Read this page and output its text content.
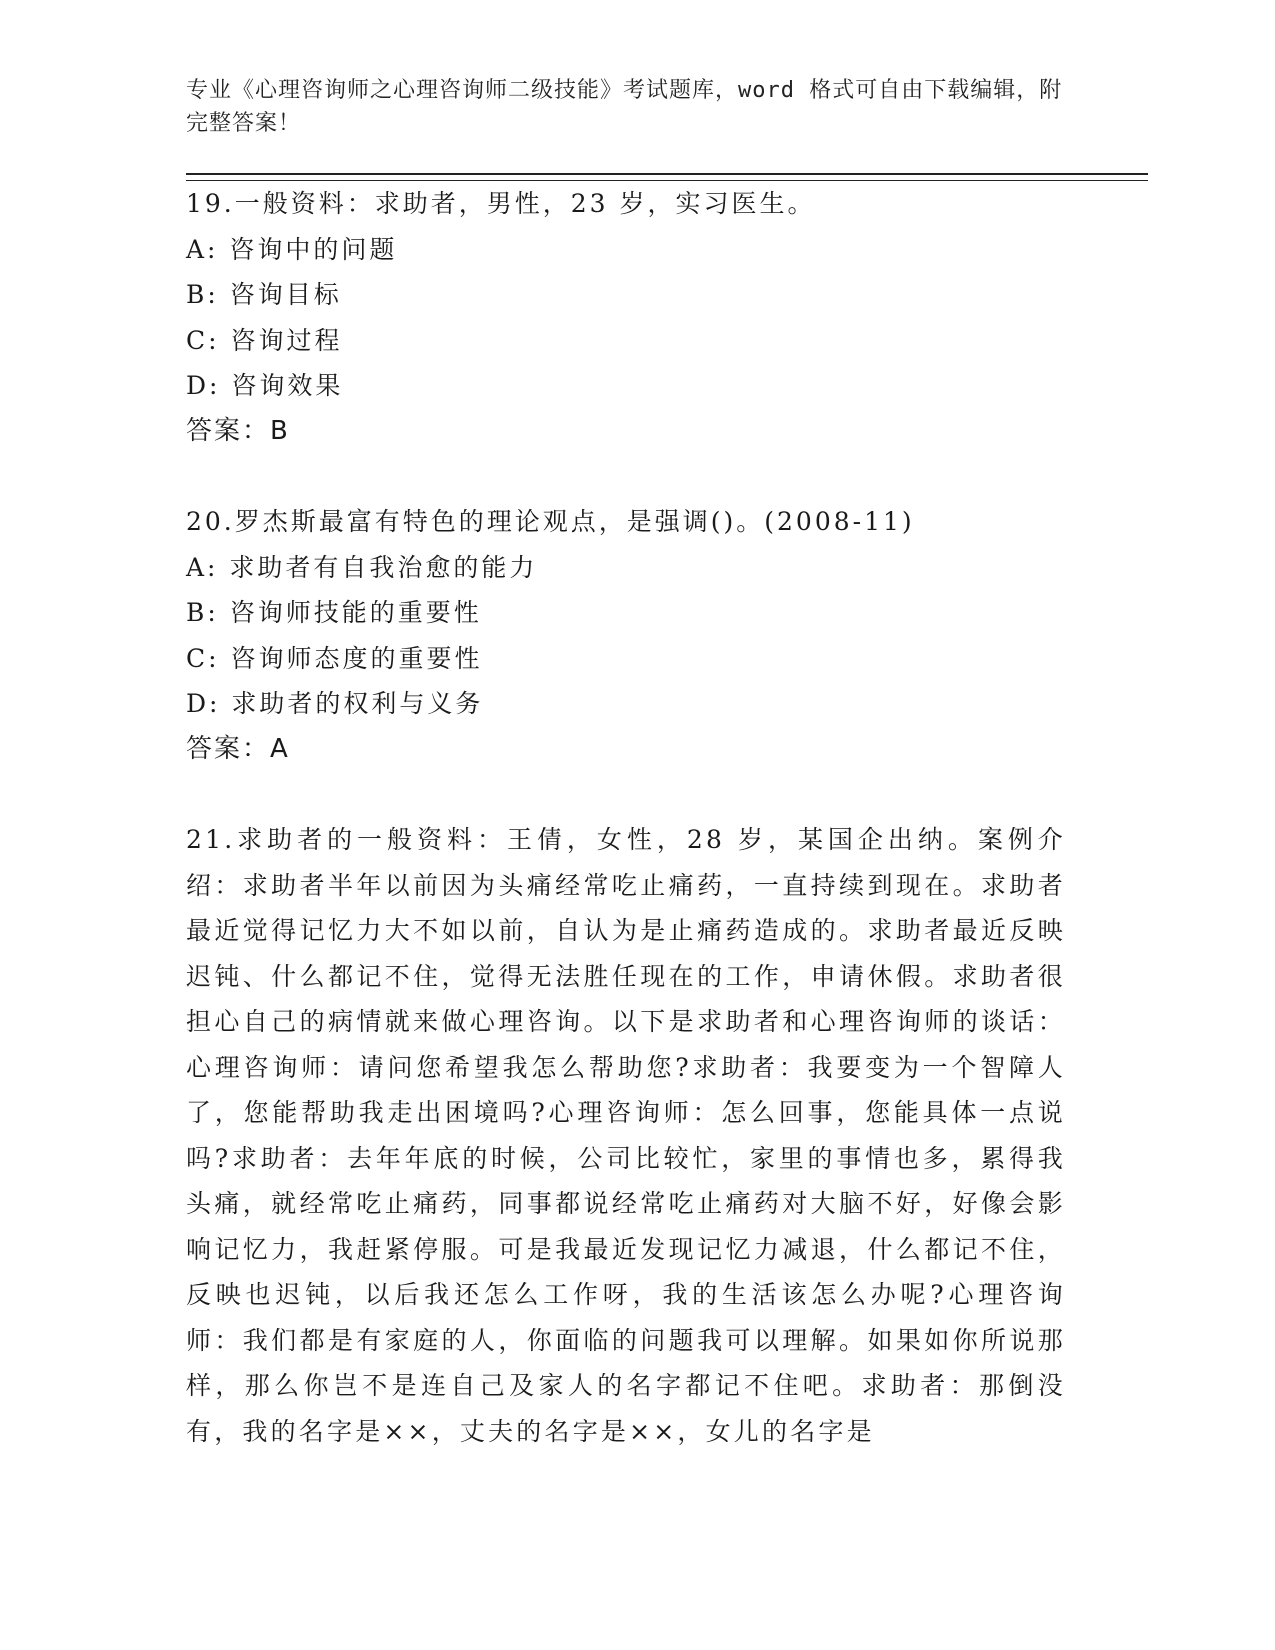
专业《心理咨询师之心理咨询师二级技能》考试题库，word 格式可自由下载编辑，附完整答案！
19.一般资料：求助者，男性，23 岁，实习医生。
A: 咨询中的问题
B: 咨询目标
C: 咨询过程
D: 咨询效果
答案：B
20.罗杰斯最富有特色的理论观点，是强调()。(2008-11)
A: 求助者有自我治愈的能力
B: 咨询师技能的重要性
C: 咨询师态度的重要性
D: 求助者的权利与义务
答案：A
21.求助者的一般资料：王倩，女性，28 岁，某国企出纳。案例介绍：求助者半年以前因为头痛经常吃止痛药，一直持续到现在。求助者最近觉得记忆力大不如以前，自认为是止痛药造成的。求助者最近反映迟钝、什么都记不住，觉得无法胜任现在的工作，申请休假。求助者很担心自己的病情就来做心理咨询。以下是求助者和心理咨询师的谈话：心理咨询师：请问您希望我怎么帮助您?求助者：我要变为一个智障人了，您能帮助我走出困境吗?心理咨询师：怎么回事，您能具体一点说吗?求助者：去年年底的时候，公司比较忙，家里的事情也多，累得我头痛，就经常吃止痛药，同事都说经常吃止痛药对大脑不好，好像会影响记忆力，我赶紧停服。可是我最近发现记忆力减退，什么都记不住，反映也迟钝，以后我还怎么工作呀，我的生活该怎么办呢?心理咨询师：我们都是有家庭的人，你面临的问题我可以理解。如果如你所说那样，那么你岂不是连自己及家人的名字都记不住吧。求助者：那倒没有，我的名字是××，丈夫的名字是××，女儿的名字是
